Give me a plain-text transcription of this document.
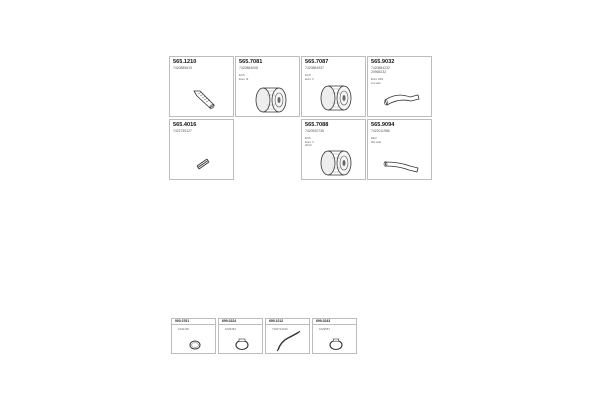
565.1210
7420885619
565.7081
7420884008
EC5
Euro III
565.7087
7420884937
EC5
Euro V
565.9032
7420884232
20965232
Euro 3&5
LH side
565.4016
7422735127
565.7088
7420920735
EC5
Euro V
2013
565.9094
7422011986
EEV
RH side
900.0761
1632106
699.0224
1629454
699.1012
7420714430
699.0243
1629557
